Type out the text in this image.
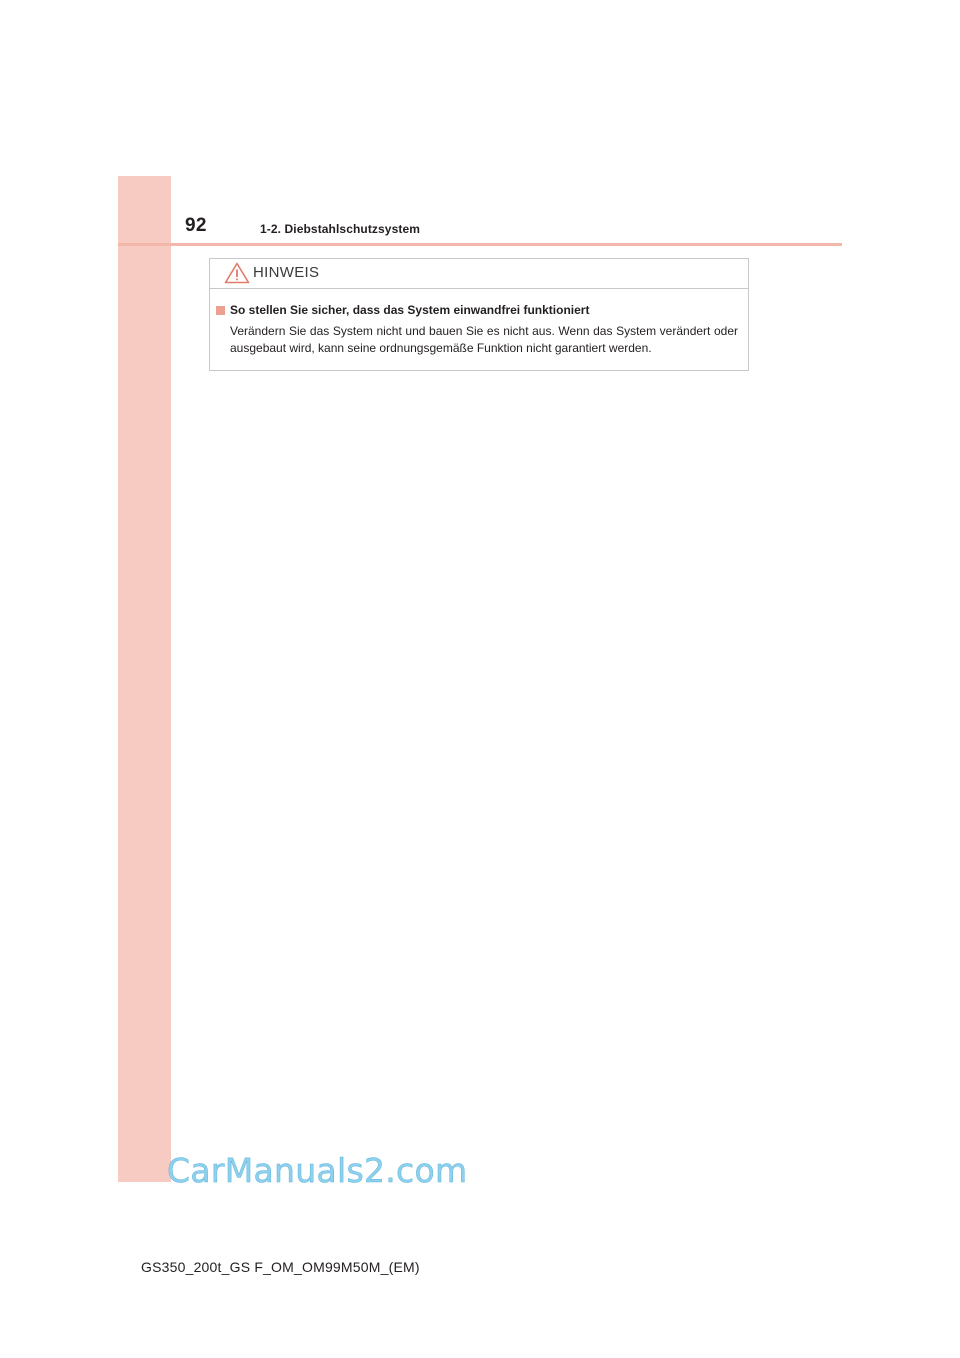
92	1-2. Diebstahlschutzsystem
HINWEIS
So stellen Sie sicher, dass das System einwandfrei funktioniert

Verändern Sie das System nicht und bauen Sie es nicht aus. Wenn das System verändert oder ausgebaut wird, kann seine ordnungsgemäße Funktion nicht garantiert werden.

CarManuals2.com
GS350_200t_GS F_OM_OM99M50M_(EM)
